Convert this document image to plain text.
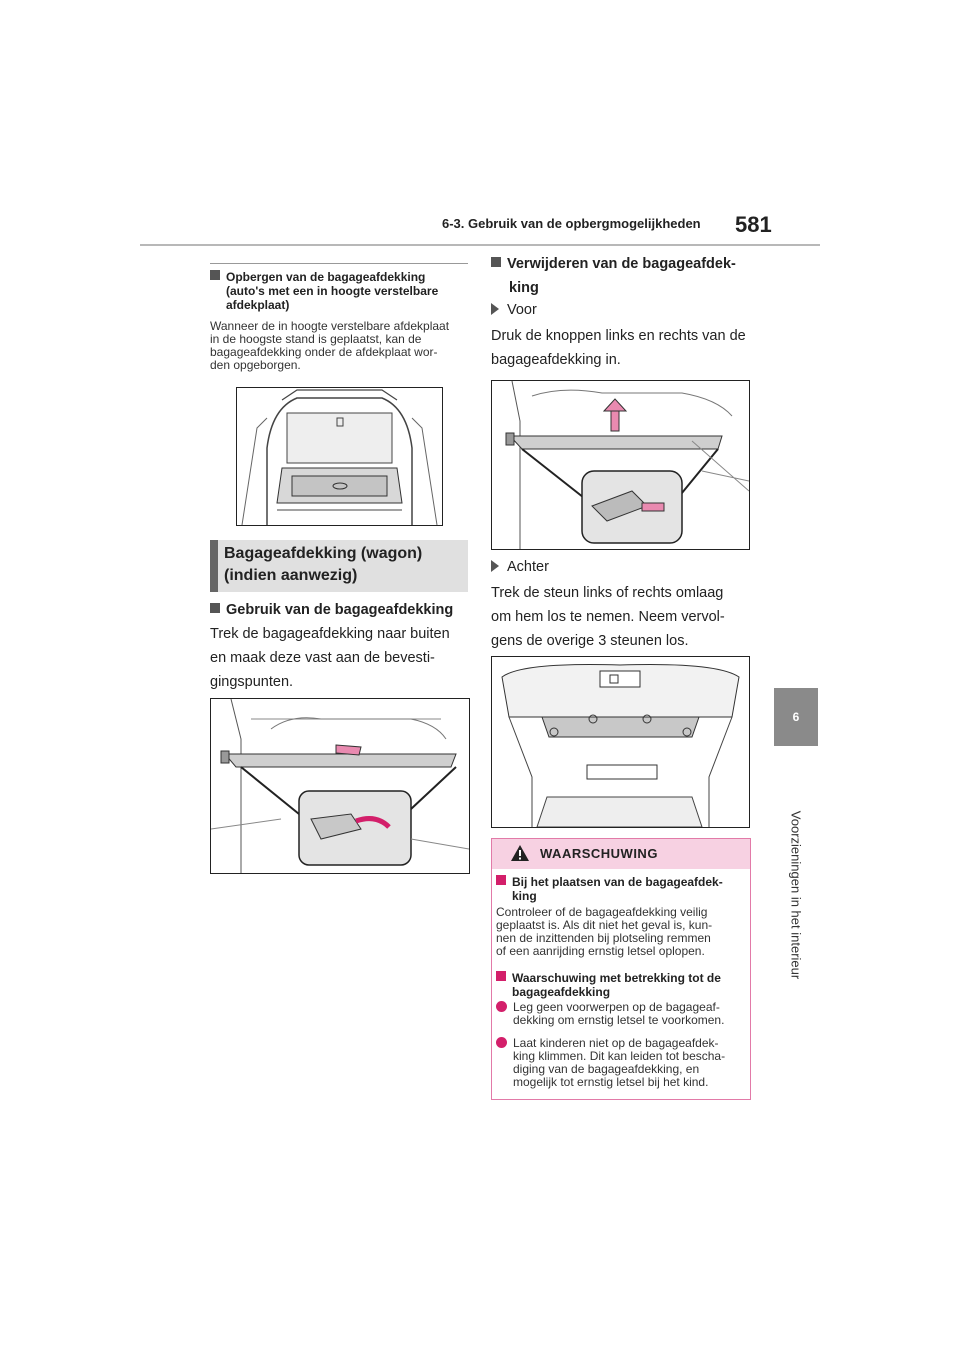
6-3. Gebruik van de opbergmogelijkheden 581
6
Voorzieningen in het interieur
Opbergen van de bagageafdekking
(auto's met een in hoogte verstelbare
afdekplaat)
Wanneer de in hoogte verstelbare afdekplaat
in de hoogste stand is geplaatst, kan de
bagageafdekking onder de afdekplaat wor-
den opgeborgen.
Bagageafdekking (wagon)
(indien aanwezig)
Gebruik van de bagageafdekking
Trek de bagageafdekking naar buiten
en maak deze vast aan de bevesti-
gingspunten.
Verwijderen van de bagageafdek-
king
Voor
Druk de knoppen links en rechts van de
bagageafdekking in.
Achter
Trek de steun links of rechts omlaag
om hem los te nemen. Neem vervol-
gens de overige 3 steunen los.
WAARSCHUWING
Bij het plaatsen van de bagageafdek-
king
Controleer of de bagageafdekking veilig
geplaatst is. Als dit niet het geval is, kun-
nen de inzittenden bij plotseling remmen
of een aanrijding ernstig letsel oplopen.
Waarschuwing met betrekking tot de
bagageafdekking
Leg geen voorwerpen op de bagageaf-
dekking om ernstig letsel te voorkomen.
Laat kinderen niet op de bagageafdek-
king klimmen. Dit kan leiden tot bescha-
diging van de bagageafdekking, en
mogelijk tot ernstig letsel bij het kind.
